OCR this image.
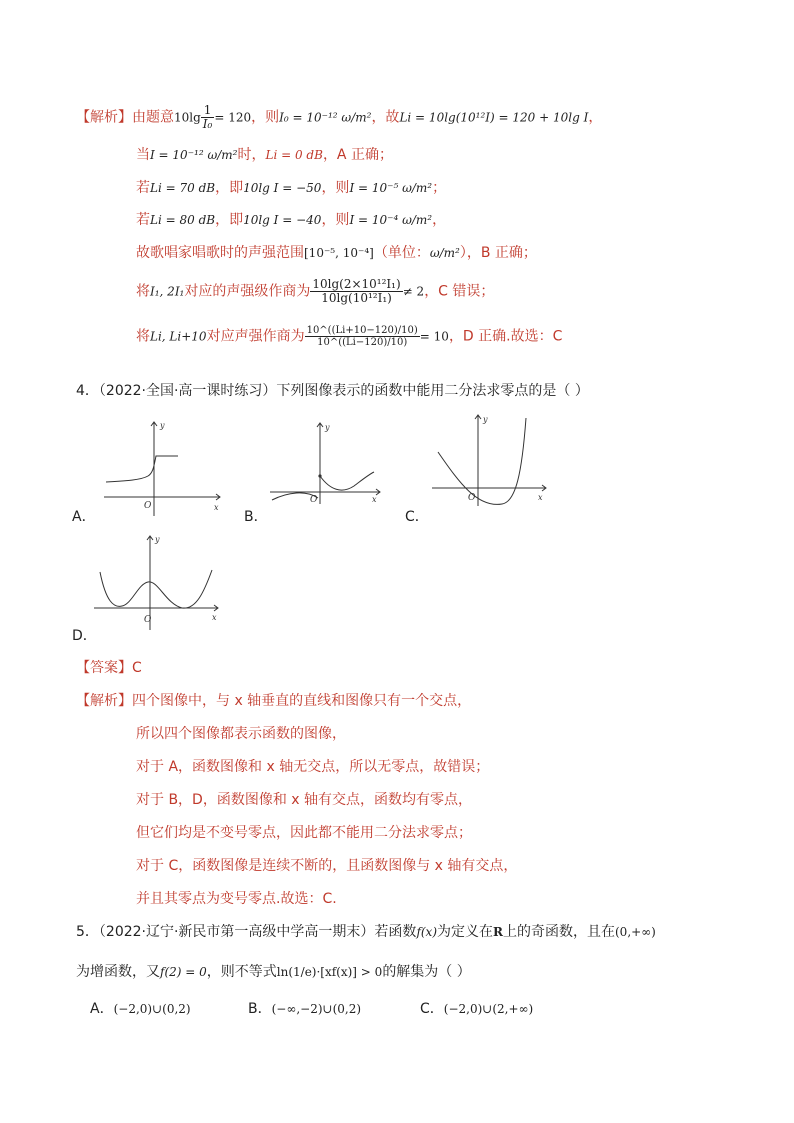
【解析】由题意$10\lg \frac{1}{\text{I₀}} = 120$，则I₀ = 10⁻¹² ω/m²，故Li = 10lg(10¹²I) = 120 + 10lg I，
当I = 10⁻¹² ω/m²时，Li = 0 dB，A 正确；
若Li = 70 dB，即10lg I = −50，则I = 10⁻⁵ ω/m²；
若Li = 80 dB，即10lg I = −40，则I = 10⁻⁴ ω/m²，
故歌唱家唱歌时的声强范围[10⁻⁵, 10⁻⁴]（单位：ω/m²），B 正确；
将I₁, 2I₁对应的声强级作商为 $\frac{\text{10lg(2×10¹²I₁)}}{\text{10lg(10¹²I₁)}} \ne 2$，C 错误；
将Li, Li+10对应声强作商为 $\frac{10\^{}((Li+10-120)/10)}{10\^{}((Li-120)/10)} = 10$，D 正确.故选：C
4．（2022·全国·高一课时练习）下列图像表示的函数中能用二分法求零点的是（ ）
y
x
O
A．
y
x
O
B．
y
x
O
C．
y
x
O
D．
【答案】C
【解析】四个图像中，与 x 轴垂直的直线和图像只有一个交点，
所以四个图像都表示函数的图像，
对于 A，函数图像和 x 轴无交点，所以无零点，故错误；
对于 B，D，函数图像和 x 轴有交点，函数均有零点，
但它们均是不变号零点，因此都不能用二分法求零点；
对于 C，函数图像是连续不断的，且函数图像与 x 轴有交点，
并且其零点为变号零点.故选：C.
5．（2022·辽宁·新民市第一高级中学高一期末）若函数f(x)为定义在R上的奇函数，且在(0,+∞)
为增函数，又f(2) = 0，则不等式ln(1/e)·[xf(x)] > 0的解集为（ ）
A．(−2,0)∪(0,2)	B．(−∞,−2)∪(0,2)	C．(−2,0)∪(2,+∞)
